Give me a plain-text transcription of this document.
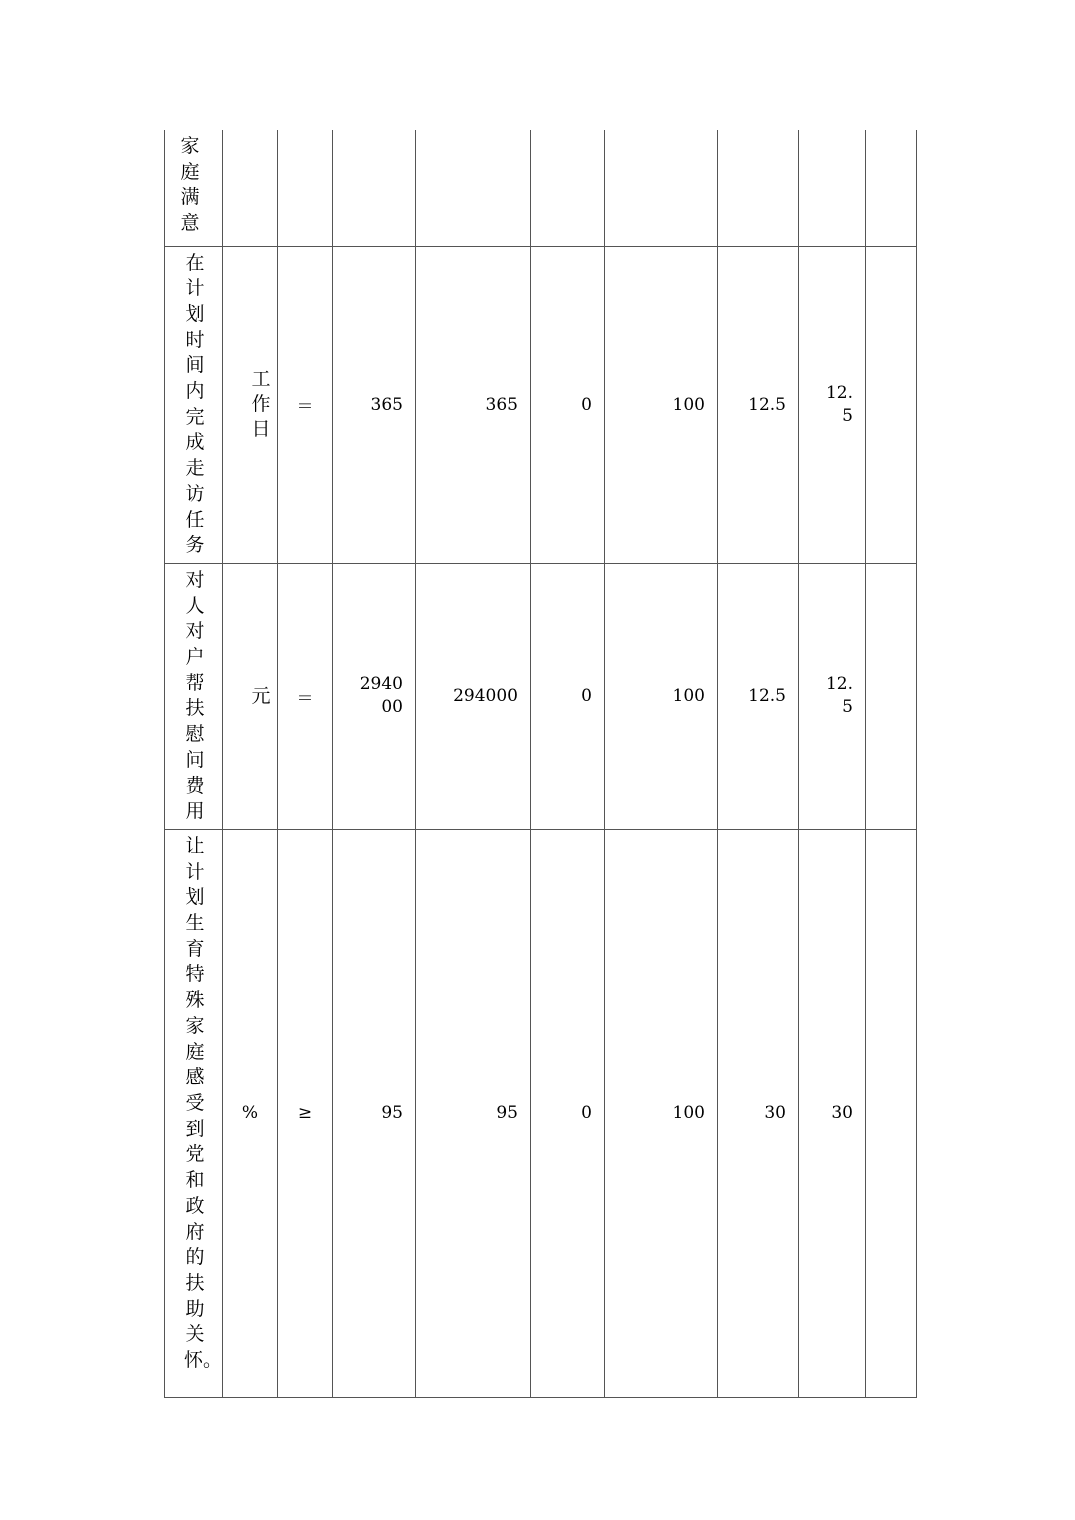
家庭满意									

在计划时间内完成走访任务	工作日	＝	365	365	0	100	12.5	12.5	

对人对户帮扶慰问费用	元	＝	294000	294000	0	100	12.5	12.5	

让计划生育特殊家庭感受到党和政府的扶助关怀。	%	≥	95	95	0	100	30	30	
